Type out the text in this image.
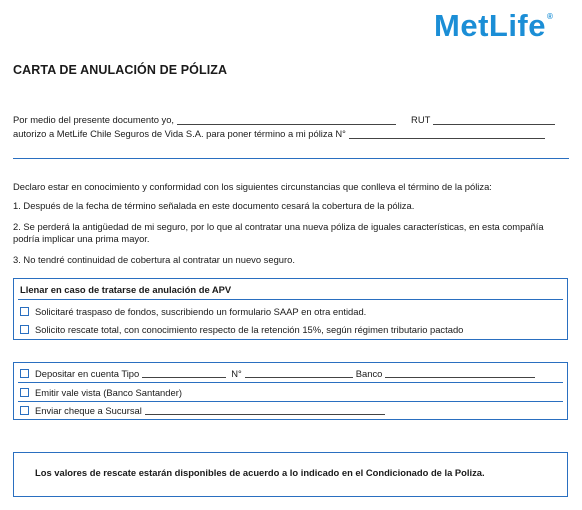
MetLife®
CARTA DE ANULACIÓN DE PÓLIZA
Por medio del presente documento yo,	RUT
autorizo a MetLife Chile Seguros de Vida S.A. para poner término a mi póliza N°
Declaro estar en conocimiento y conformidad con los siguientes circunstancias que conlleva el término de la póliza:
1. Después de la fecha de término señalada en este documento cesará la cobertura de la póliza.
2. Se perderá la antigüedad de mi seguro, por lo que al contratar una nueva póliza de iguales características, en esta compañía podría implicar una prima mayor.
3. No tendré continuidad de cobertura al contratar un nuevo seguro.
Llenar en caso de tratarse de anulación de APV
Solicitaré traspaso de fondos, suscribiendo un formulario SAAP en otra entidad.
Solicito rescate total, con conocimiento respecto de la retención 15%, según régimen tributario pactado
Depositar en cuenta Tipo	N°	Banco
Emitir vale vista (Banco Santander)
Enviar cheque a Sucursal
Los valores de rescate estarán disponibles de acuerdo a lo indicado en el Condicionado de la Poliza.
